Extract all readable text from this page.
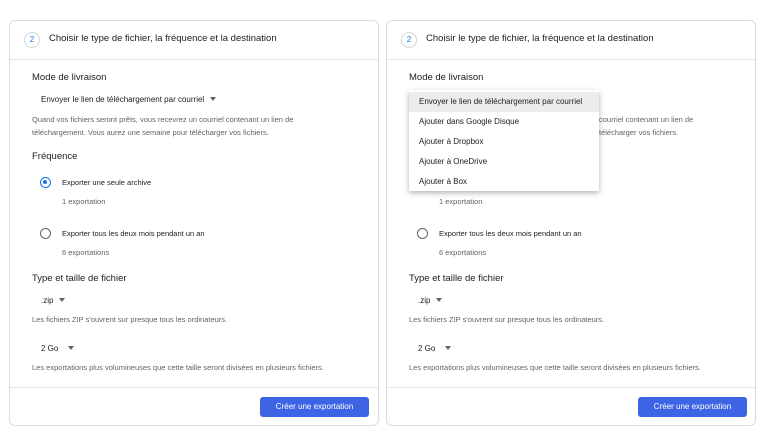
2	Choisir le type de fichier, la fréquence et la destination
Mode de livraison
Envoyer le lien de téléchargement par courriel
Quand vos fichiers seront prêts, vous recevrez un courriel contenant un lien de téléchargement. Vous aurez une semaine pour télécharger vos fichiers.
Fréquence
Exporter une seule archive
1 exportation
Exporter tous les deux mois pendant un an
6 exportations
Type et taille de fichier
.zip
Les fichiers ZIP s'ouvrent sur presque tous les ordinateurs.
2 Go
Les exportations plus volumineuses que cette taille seront divisées en plusieurs fichiers.
Créer une exportation
2	Choisir le type de fichier, la fréquence et la destination
Mode de livraison
courriel contenant un lien de télécharger vos fichiers.
1 exportation
Exporter tous les deux mois pendant un an
6 exportations
Type et taille de fichier
.zip
Les fichiers ZIP s'ouvrent sur presque tous les ordinateurs.
2 Go
Les exportations plus volumineuses que cette taille seront divisées en plusieurs fichiers.
Créer une exportation
Envoyer le lien de téléchargement par courriel
Ajouter dans Google Disque
Ajouter à Dropbox
Ajouter à OneDrive
Ajouter à Box
